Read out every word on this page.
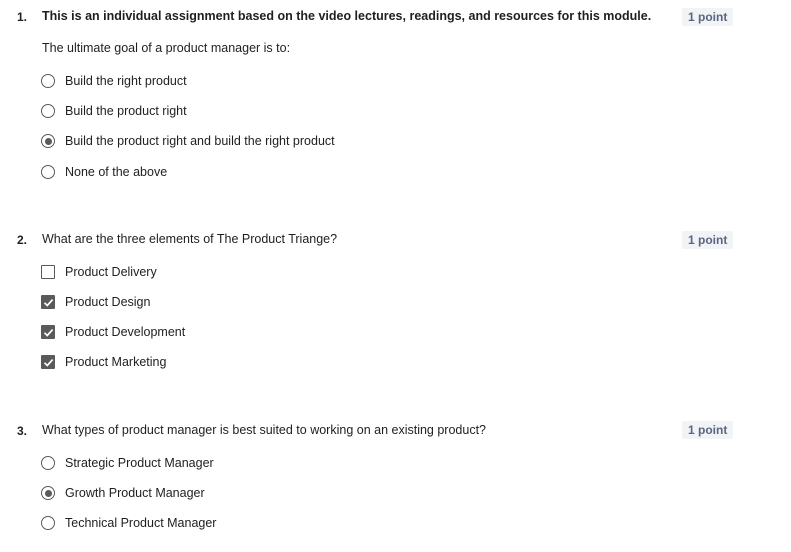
1. This is an individual assignment based on the video lectures, readings, and resources for this module.	1 point
The ultimate goal of a product manager is to:
Build the right product
Build the product right
Build the product right and build the right product
None of the above
2. What are the three elements of The Product Triange?	1 point
Product Delivery
Product Design
Product Development
Product Marketing
3. What types of product manager is best suited to working on an existing product?	1 point
Strategic Product Manager
Growth Product Manager
Technical Product Manager
